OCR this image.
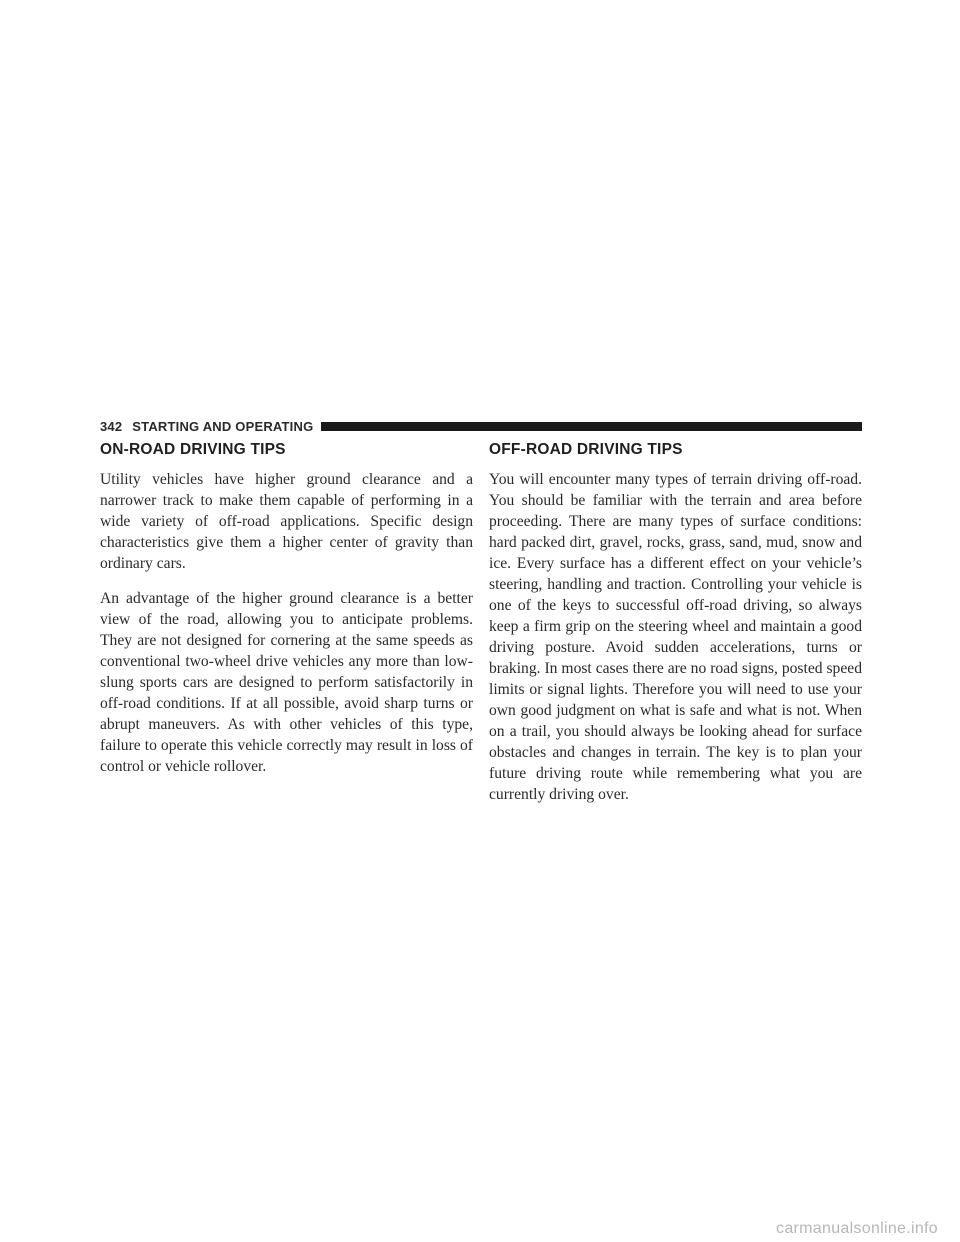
342 STARTING AND OPERATING
ON-ROAD DRIVING TIPS

Utility vehicles have higher ground clearance and a narrower track to make them capable of performing in a wide variety of off-road applications. Specific design characteristics give them a higher center of gravity than ordinary cars.

An advantage of the higher ground clearance is a better view of the road, allowing you to anticipate problems. They are not designed for cornering at the same speeds as conventional two-wheel drive vehicles any more than low-slung sports cars are designed to perform satisfactorily in off-road conditions. If at all possible, avoid sharp turns or abrupt maneuvers. As with other vehicles of this type, failure to operate this vehicle correctly may result in loss of control or vehicle rollover.

OFF-ROAD DRIVING TIPS

You will encounter many types of terrain driving off-road. You should be familiar with the terrain and area before proceeding. There are many types of surface conditions: hard packed dirt, gravel, rocks, grass, sand, mud, snow and ice. Every surface has a different effect on your vehicle’s steering, handling and traction. Controlling your vehicle is one of the keys to successful off-road driving, so always keep a firm grip on the steering wheel and maintain a good driving posture. Avoid sudden accelerations, turns or braking. In most cases there are no road signs, posted speed limits or signal lights. Therefore you will need to use your own good judgment on what is safe and what is not. When on a trail, you should always be looking ahead for surface obstacles and changes in terrain. The key is to plan your future driving route while remembering what you are currently driving over.

carmanualsonline.info
